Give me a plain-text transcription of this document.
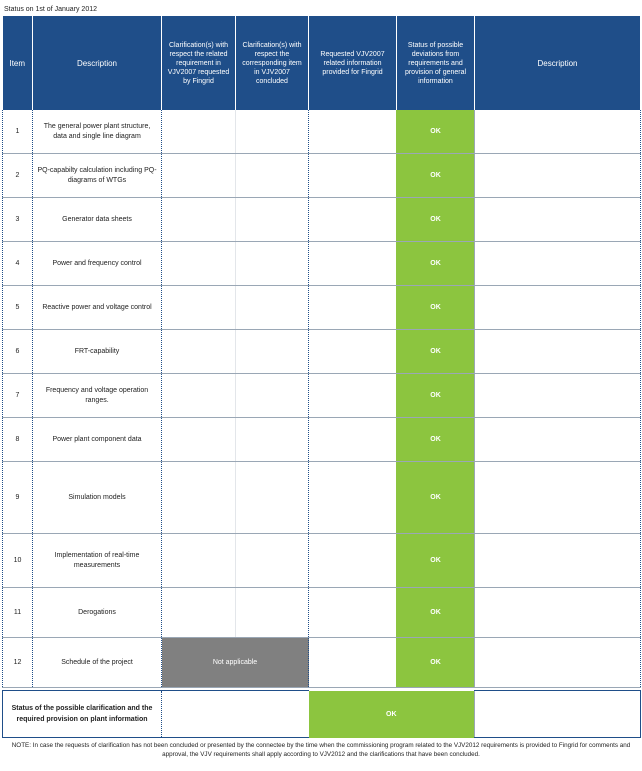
Status on 1st of January 2012
Item	Description	Clarification(s) with respect the related requirement in VJV2007 requested by Fingrid	Clarification(s) with respect the corresponding item in VJV2007 concluded	Requested VJV2007 related information provided for Fingrid	Status of possible deviations from requirements and provision of general information	Description
1	The general power plant structure, data and single line diagram				OK	
2	PQ-capabilty calculation including PQ-diagrams of WTGs				OK	
3	Generator data sheets				OK	
4	Power and frequency control				OK	
5	Reactive power and voltage control				OK	
6	FRT-capability				OK	
7	Frequency and voltage operation ranges.				OK	
8	Power plant component data				OK	
9	Simulation models				OK	
10	Implementation of real-time measurements				OK	
11	Derogations				OK	
12	Schedule of the project	Not applicable			OK	
Status of the possible clarification and the required provision on plant information		OK	
NOTE: In case the requests of clarification has not been concluded or presented by the connectee by the time when the commissioning program related to the VJV2012 requirements is provided to Fingrid for comments and approval, the VJV requirements shall apply according to VJV2012 and the clarifications that have been concluded.
